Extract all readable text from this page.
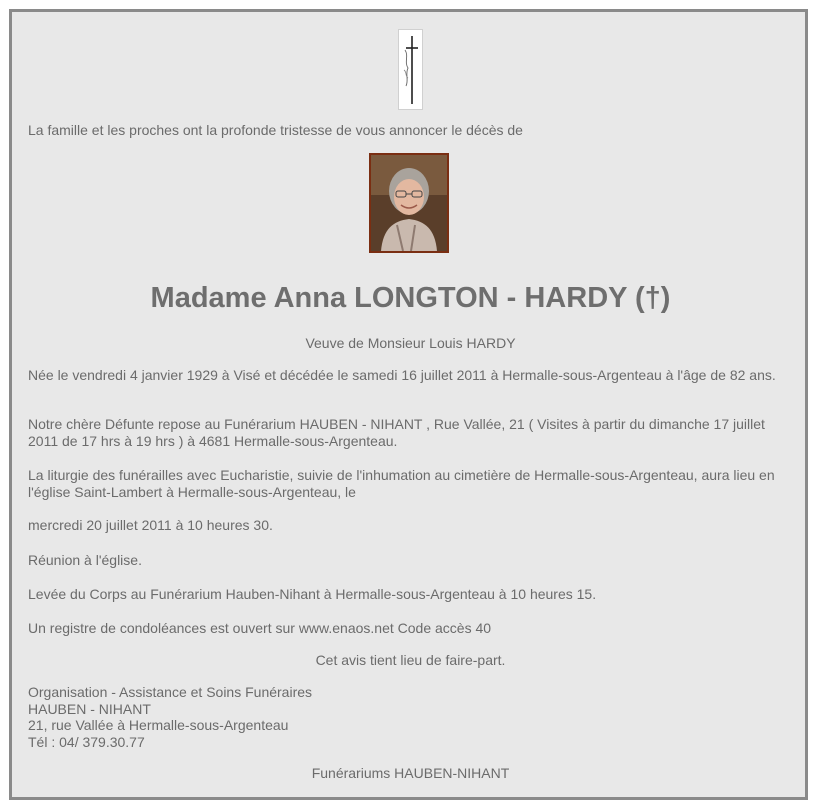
La famille et les proches ont la profonde tristesse de vous annoncer le décès de

Madame Anna LONGTON - HARDY (†)

Veuve de Monsieur Louis HARDY

Née le vendredi 4 janvier 1929 à Visé et décédée le samedi 16 juillet 2011 à Hermalle-sous-Argenteau à l'âge de 82 ans.

Notre chère Défunte repose au Funérarium HAUBEN - NIHANT , Rue Vallée, 21 ( Visites à partir du dimanche 17 juillet 2011 de 17 hrs à 19 hrs ) à 4681 Hermalle-sous-Argenteau.

La liturgie des funérailles avec Eucharistie, suivie de l'inhumation au cimetière de Hermalle-sous-Argenteau, aura lieu en l'église Saint-Lambert à Hermalle-sous-Argenteau, le

mercredi 20 juillet 2011 à 10 heures 30.

Réunion à l'église.

Levée du Corps au Funérarium Hauben-Nihant à Hermalle-sous-Argenteau à 10 heures 15.

Un registre de condoléances est ouvert sur www.enaos.net Code accès 40

Cet avis tient lieu de faire-part.

Organisation - Assistance et Soins Funéraires
HAUBEN - NIHANT
21, rue Vallée à Hermalle-sous-Argenteau
Tél : 04/ 379.30.77

Funérariums HAUBEN-NIHANT
